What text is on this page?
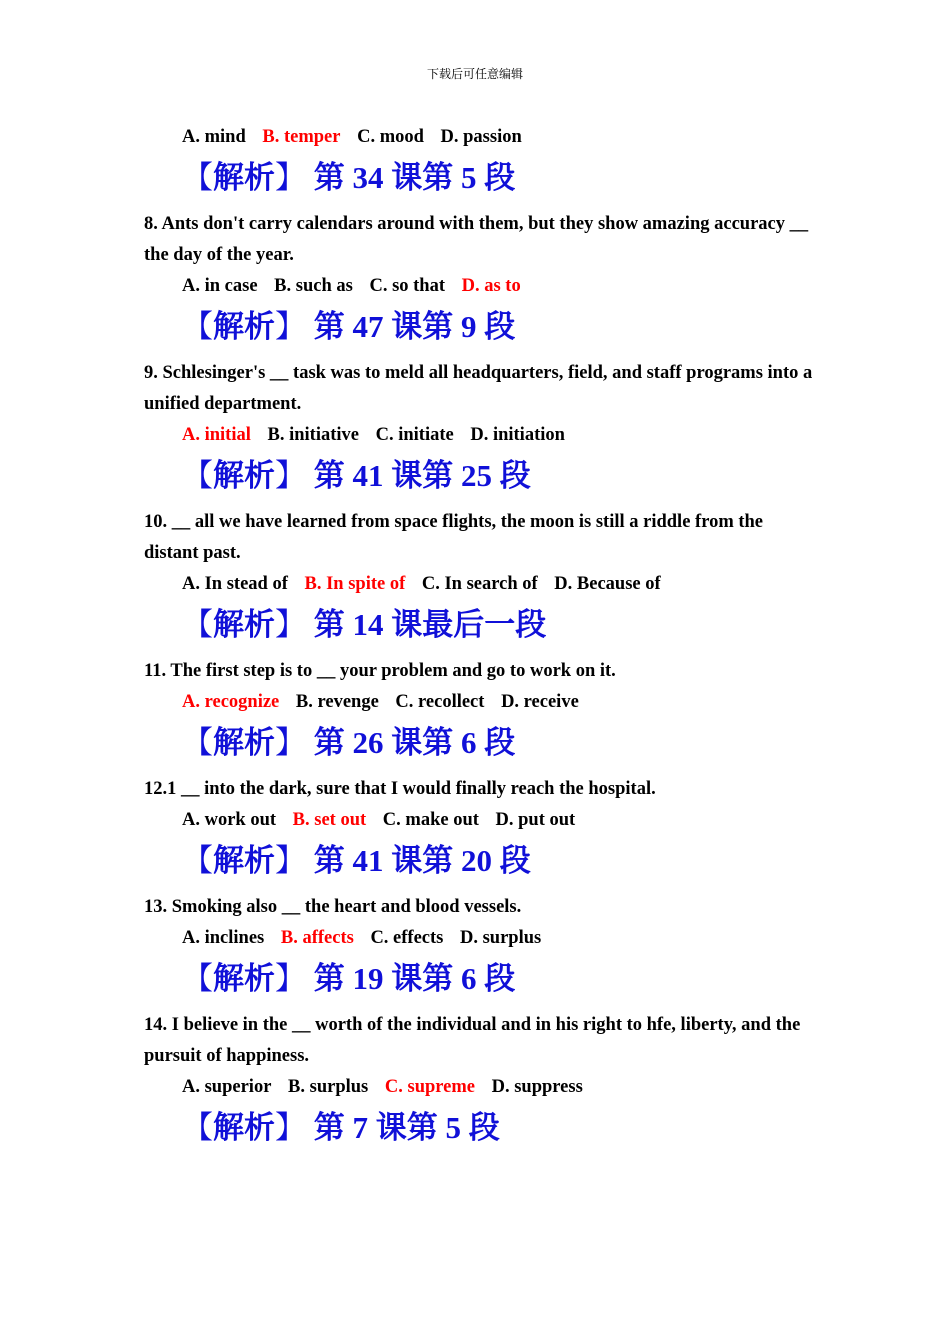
下载后可任意编辑
A. mind B. temper C. mood D. passion
【解析】 第 34 课第 5 段

8. Ants don't carry calendars around with them, but they show amazing accuracy __ the day of the year.

A. in case B. such as C. so that D. as to
【解析】 第 47 课第 9 段

9. Schlesinger's __ task was to meld all headquarters, field, and staff programs into a unified department.

A. initial B. initiative C. initiate D. initiation
【解析】 第 41 课第 25 段

10. __ all we have learned from space flights, the moon is still a riddle from the distant past.

A. In stead of B. In spite of C. In search of D. Because of
【解析】 第 14 课最后一段

11. The first step is to __ your problem and go to work on it.

A. recognize B. revenge C. recollect D. receive
【解析】 第 26 课第 6 段

12.1 __ into the dark, sure that I would finally reach the hospital.

A. work out B. set out C. make out D. put out
【解析】 第 41 课第 20 段

13. Smoking also __ the heart and blood vessels.

A. inclines B. affects C. effects D. surplus
【解析】 第 19 课第 6 段

14. I believe in the __ worth of the individual and in his right to hfe, liberty, and the pursuit of happiness.

A. superior B. surplus C. supreme D. suppress
【解析】 第 7 课第 5 段
